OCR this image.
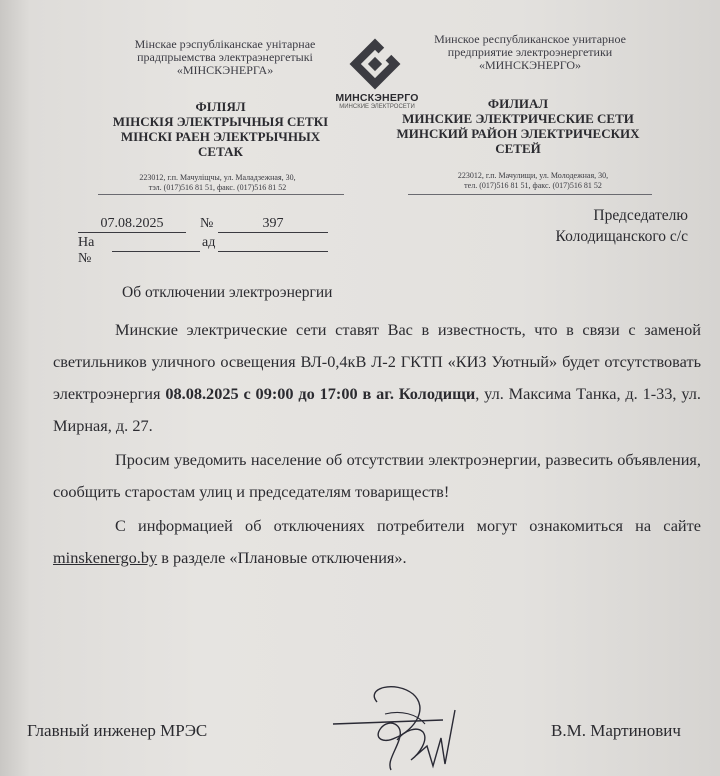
Мінскае рэспубліканскае унітарнае
прадпрыемства электраэнергетыкі
«МІНСКЭНЕРГА»
МИНСКЭНЕРГО
МИНСКИЕ ЭЛЕКТРОСЕТИ
Минское республиканское унитарное
предприятие электроэнергетики
«МИНСКЭНЕРГО»
ФІЛІЯЛ
МІНСКІЯ ЭЛЕКТРЫЧНЫЯ СЕТКІ
МІНСКІ РАЕН ЭЛЕКТРЫЧНЫХ
СЕТАК
ФИЛИАЛ
МИНСКИЕ ЭЛЕКТРИЧЕСКИЕ СЕТИ
МИНСКИЙ РАЙОН ЭЛЕКТРИЧЕСКИХ
СЕТЕЙ
223012, г.п. Мачуліщчы, ул. Маладзежная, 30,
тэл. (017)516 81 51, факс. (017)516 81 52
223012, г.п. Мачулищи, ул. Молодежная, 30,
тел. (017)516 81 51, факс. (017)516 81 52
07.08.2025	№	397
На №
ад
Председателю
Колодищанского с/с
Об отключении электроэнергии

Минские электрические сети ставят Вас в известность, что в связи с заменой светильников уличного освещения ВЛ-0,4кВ Л-2 ГКТП «КИЗ Уютный» будет отсутствовать электроэнергия 08.08.2025 с 09:00 до 17:00 в аг. Колодищи, ул. Максима Танка, д. 1-33, ул. Мирная, д. 27.

Просим уведомить население об отсутствии электроэнергии, развесить объявления, сообщить старостам улиц и председателям товариществ!

С информацией об отключениях потребители могут ознакомиться на сайте minskenergo.by в разделе «Плановые отключения».

Главный инженер МРЭС	В.М. Мартинович
